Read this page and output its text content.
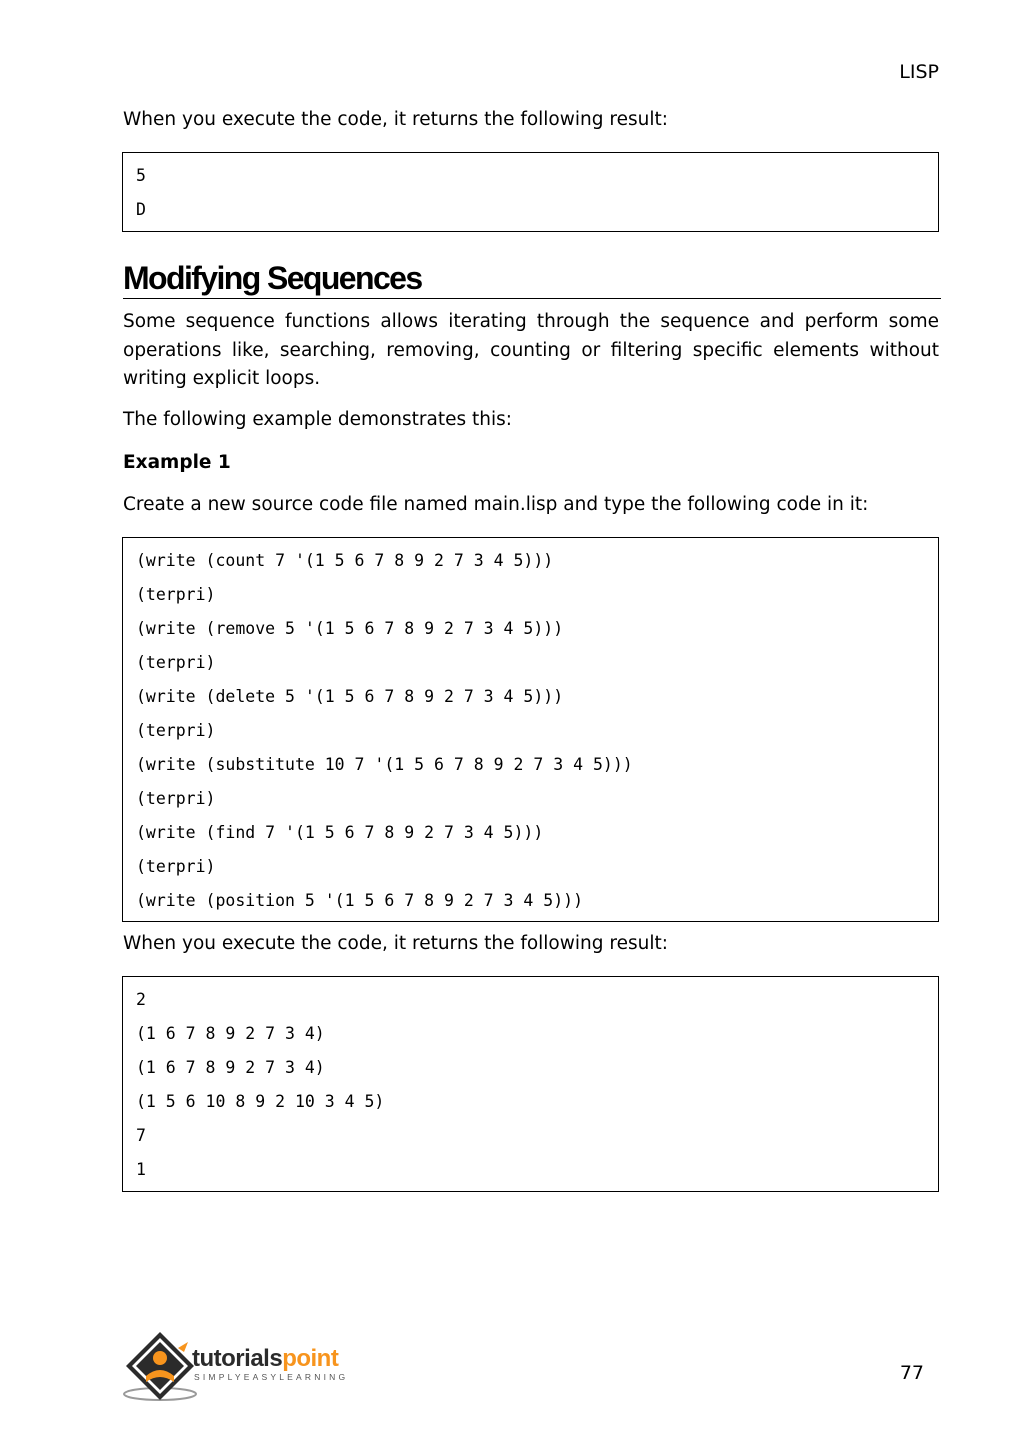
LISP

When you execute the code, it returns the following result:

5
D
Modifying Sequences

Some sequence functions allows iterating through the sequence and perform some operations like, searching, removing, counting or filtering specific elements without writing explicit loops.

The following example demonstrates this:

Example 1

Create a new source code file named main.lisp and type the following code in it:

(write (count 7 '(1 5 6 7 8 9 2 7 3 4 5)))
(terpri)
(write (remove 5 '(1 5 6 7 8 9 2 7 3 4 5)))
(terpri)
(write (delete 5 '(1 5 6 7 8 9 2 7 3 4 5)))
(terpri)
(write (substitute 10 7 '(1 5 6 7 8 9 2 7 3 4 5)))
(terpri)
(write (find 7 '(1 5 6 7 8 9 2 7 3 4 5)))
(terpri)
(write (position 5 '(1 5 6 7 8 9 2 7 3 4 5)))

When you execute the code, it returns the following result:

2
(1 6 7 8 9 2 7 3 4)
(1 6 7 8 9 2 7 3 4)
(1 5 6 10 8 9 2 10 3 4 5)
7
1
tutorialspoint
SIMPLYEASYLEARNING	77
